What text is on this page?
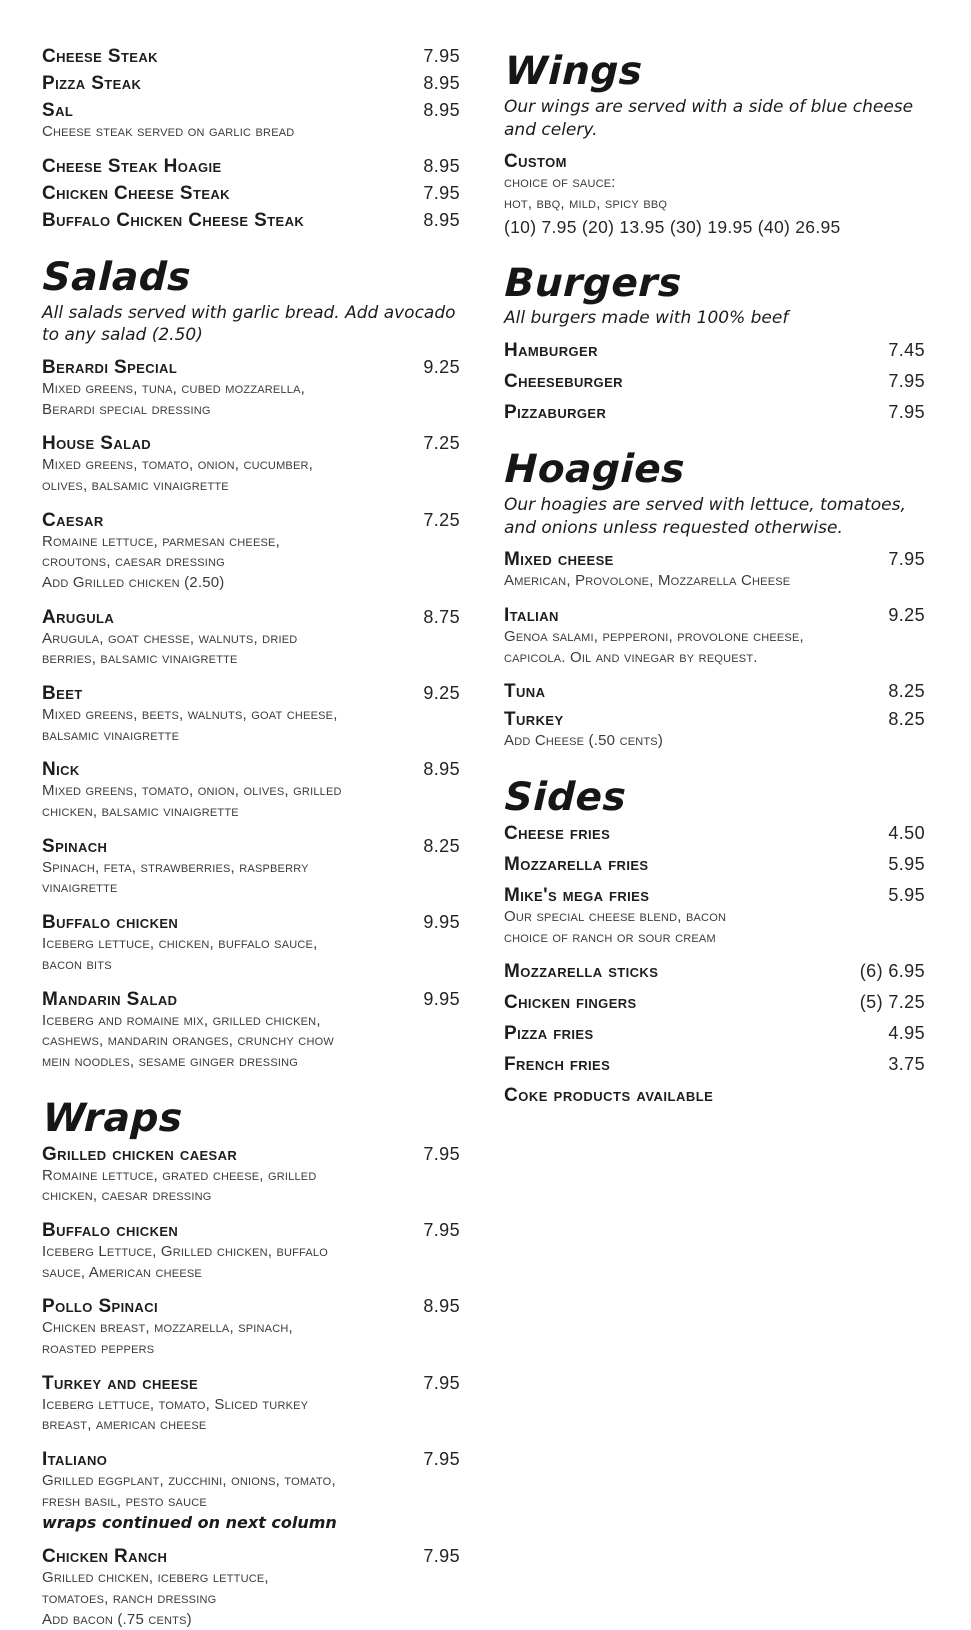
Cheese Steak	7.95
Pizza Steak	8.95
Sal	8.95
Cheese steak served on garlic bread
Cheese Steak Hoagie	8.95
Chicken Cheese Steak	7.95
Buffalo Chicken Cheese Steak	8.95
Salads

All salads served with garlic bread. Add avocado to any salad (2.50)

Berardi Special	9.25
Mixed greens, tuna, cubed mozzarella,
Berardi special dressing
House Salad	7.25
Mixed greens, tomato, onion, cucumber,
olives, balsamic vinaigrette
Caesar	7.25
Romaine lettuce, parmesan cheese,
croutons, caesar dressing
Add Grilled chicken (2.50)
Arugula	8.75
Arugula, goat chesse, walnuts, dried
berries, balsamic vinaigrette
Beet	9.25
Mixed greens, beets, walnuts, goat cheese,
balsamic vinaigrette
Nick	8.95
Mixed greens, tomato, onion, olives, grilled
chicken, balsamic vinaigrette
Spinach	8.25
Spinach, feta, strawberries, raspberry
vinaigrette
Buffalo chicken	9.95
Iceberg lettuce, chicken, buffalo sauce,
bacon bits
Mandarin Salad	9.95
Iceberg and romaine mix, grilled chicken,
cashews, mandarin oranges, crunchy chow
mein noodles, sesame ginger dressing
Wraps
Grilled chicken caesar	7.95
Romaine lettuce, grated cheese, grilled
chicken, caesar dressing
Buffalo chicken	7.95
Iceberg Lettuce, Grilled chicken, buffalo
sauce, American cheese
Pollo Spinaci	8.95
Chicken breast, mozzarella, spinach,
roasted peppers
Turkey and cheese	7.95
Iceberg lettuce, tomato, Sliced turkey
breast, american cheese
Italiano	7.95
Grilled eggplant, zucchini, onions, tomato,
fresh basil, pesto sauce
wraps continued on next column
Chicken Ranch	7.95
Grilled chicken, iceberg lettuce,
tomatoes, ranch dressing
Add bacon (.75 cents)
Wings

Our wings are served with a side of blue cheese and celery.

Custom
choice of sauce:
hot, bbq, mild, spicy bbq
(10) 7.95 (20) 13.95 (30) 19.95 (40) 26.95
Burgers

All burgers made with 100% beef

Hamburger	7.45
Cheeseburger	7.95
Pizzaburger	7.95
Hoagies

Our hoagies are served with lettuce, tomatoes, and onions unless requested otherwise.

Mixed cheese	7.95
American, Provolone, Mozzarella Cheese
Italian	9.25
Genoa salami, pepperoni, provolone cheese,
capicola. Oil and vinegar by request.
Tuna	8.25
Turkey	8.25
Add Cheese (.50 cents)
Sides
Cheese fries	4.50
Mozzarella fries	5.95
Mike's mega fries	5.95
Our special cheese blend, bacon
choice of ranch or sour cream
Mozzarella sticks	(6) 6.95
Chicken fingers	(5) 7.25
Pizza fries	4.95
French fries	3.75
Coke products available
